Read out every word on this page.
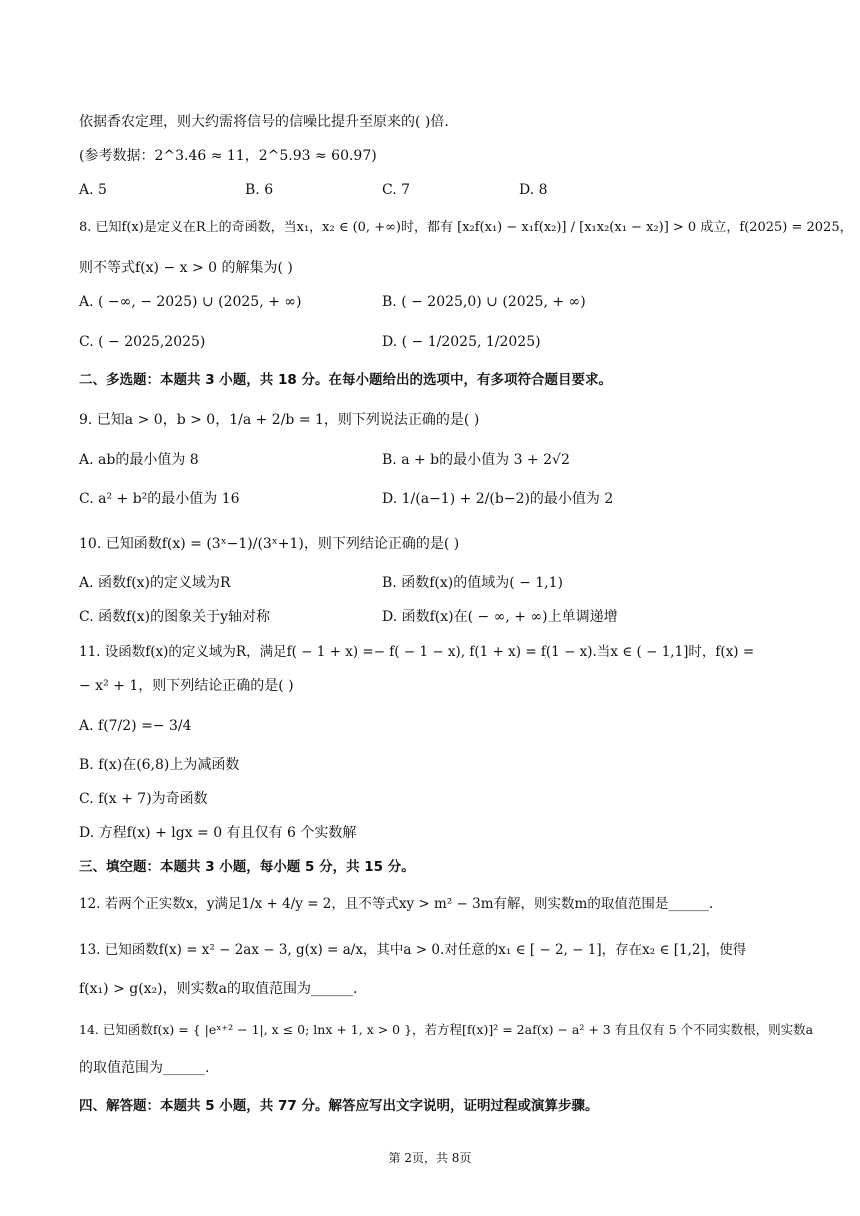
依据香农定理，则大约需将信号的信噪比提升至原来的( )倍.
(参考数据：2^3.46 ≈ 11，2^5.93 ≈ 60.97)
A. 5	B. 6	C. 7	D. 8
8. 已知f(x)是定义在R上的奇函数，当x₁，x₂ ∈ (0, +∞)时，都有 [x₂f(x₁) − x₁f(x₂)] / [x₁x₂(x₁ − x₂)] > 0 成立，f(2025) = 2025，
则不等式f(x) − x > 0 的解集为( )
A. ( −∞, − 2025) ∪ (2025, + ∞)	B. ( − 2025,0) ∪ (2025, + ∞)
C. ( − 2025,2025)	D. ( − 1/2025, 1/2025)
二、多选题：本题共 3 小题，共 18 分。在每小题给出的选项中，有多项符合题目要求。
9. 已知a > 0，b > 0，1/a + 2/b = 1，则下列说法正确的是( )
A. ab的最小值为 8	B. a + b的最小值为 3 + 2√2
C. a² + b²的最小值为 16	D. 1/(a−1) + 2/(b−2)的最小值为 2
10. 已知函数f(x) = (3ˣ−1)/(3ˣ+1)，则下列结论正确的是( )
A. 函数f(x)的定义域为R	B. 函数f(x)的值域为( − 1,1)
C. 函数f(x)的图象关于y轴对称	D. 函数f(x)在( − ∞, + ∞)上单调递增
11. 设函数f(x)的定义域为R，满足f( − 1 + x) =− f( − 1 − x), f(1 + x) = f(1 − x).当x ∈ ( − 1,1]时，f(x) =
− x² + 1，则下列结论正确的是( )
A. f(7/2) =− 3/4
B. f(x)在(6,8)上为减函数
C. f(x + 7)为奇函数
D. 方程f(x) + lgx = 0 有且仅有 6 个实数解
三、填空题：本题共 3 小题，每小题 5 分，共 15 分。
12. 若两个正实数x，y满足1/x + 4/y = 2，且不等式xy > m² − 3m有解，则实数m的取值范围是______.
13. 已知函数f(x) = x² − 2ax − 3, g(x) = a/x，其中a > 0.对任意的x₁ ∈ [ − 2, − 1]，存在x₂ ∈ [1,2]，使得
f(x₁) > g(x₂)，则实数a的取值范围为______.
14. 已知函数f(x) = { |eˣ⁺² − 1|, x ≤ 0; lnx + 1, x > 0 }，若方程[f(x)]² = 2af(x) − a² + 3 有且仅有 5 个不同实数根，则实数a
的取值范围为______.
四、解答题：本题共 5 小题，共 77 分。解答应写出文字说明，证明过程或演算步骤。
第 2页，共 8页
